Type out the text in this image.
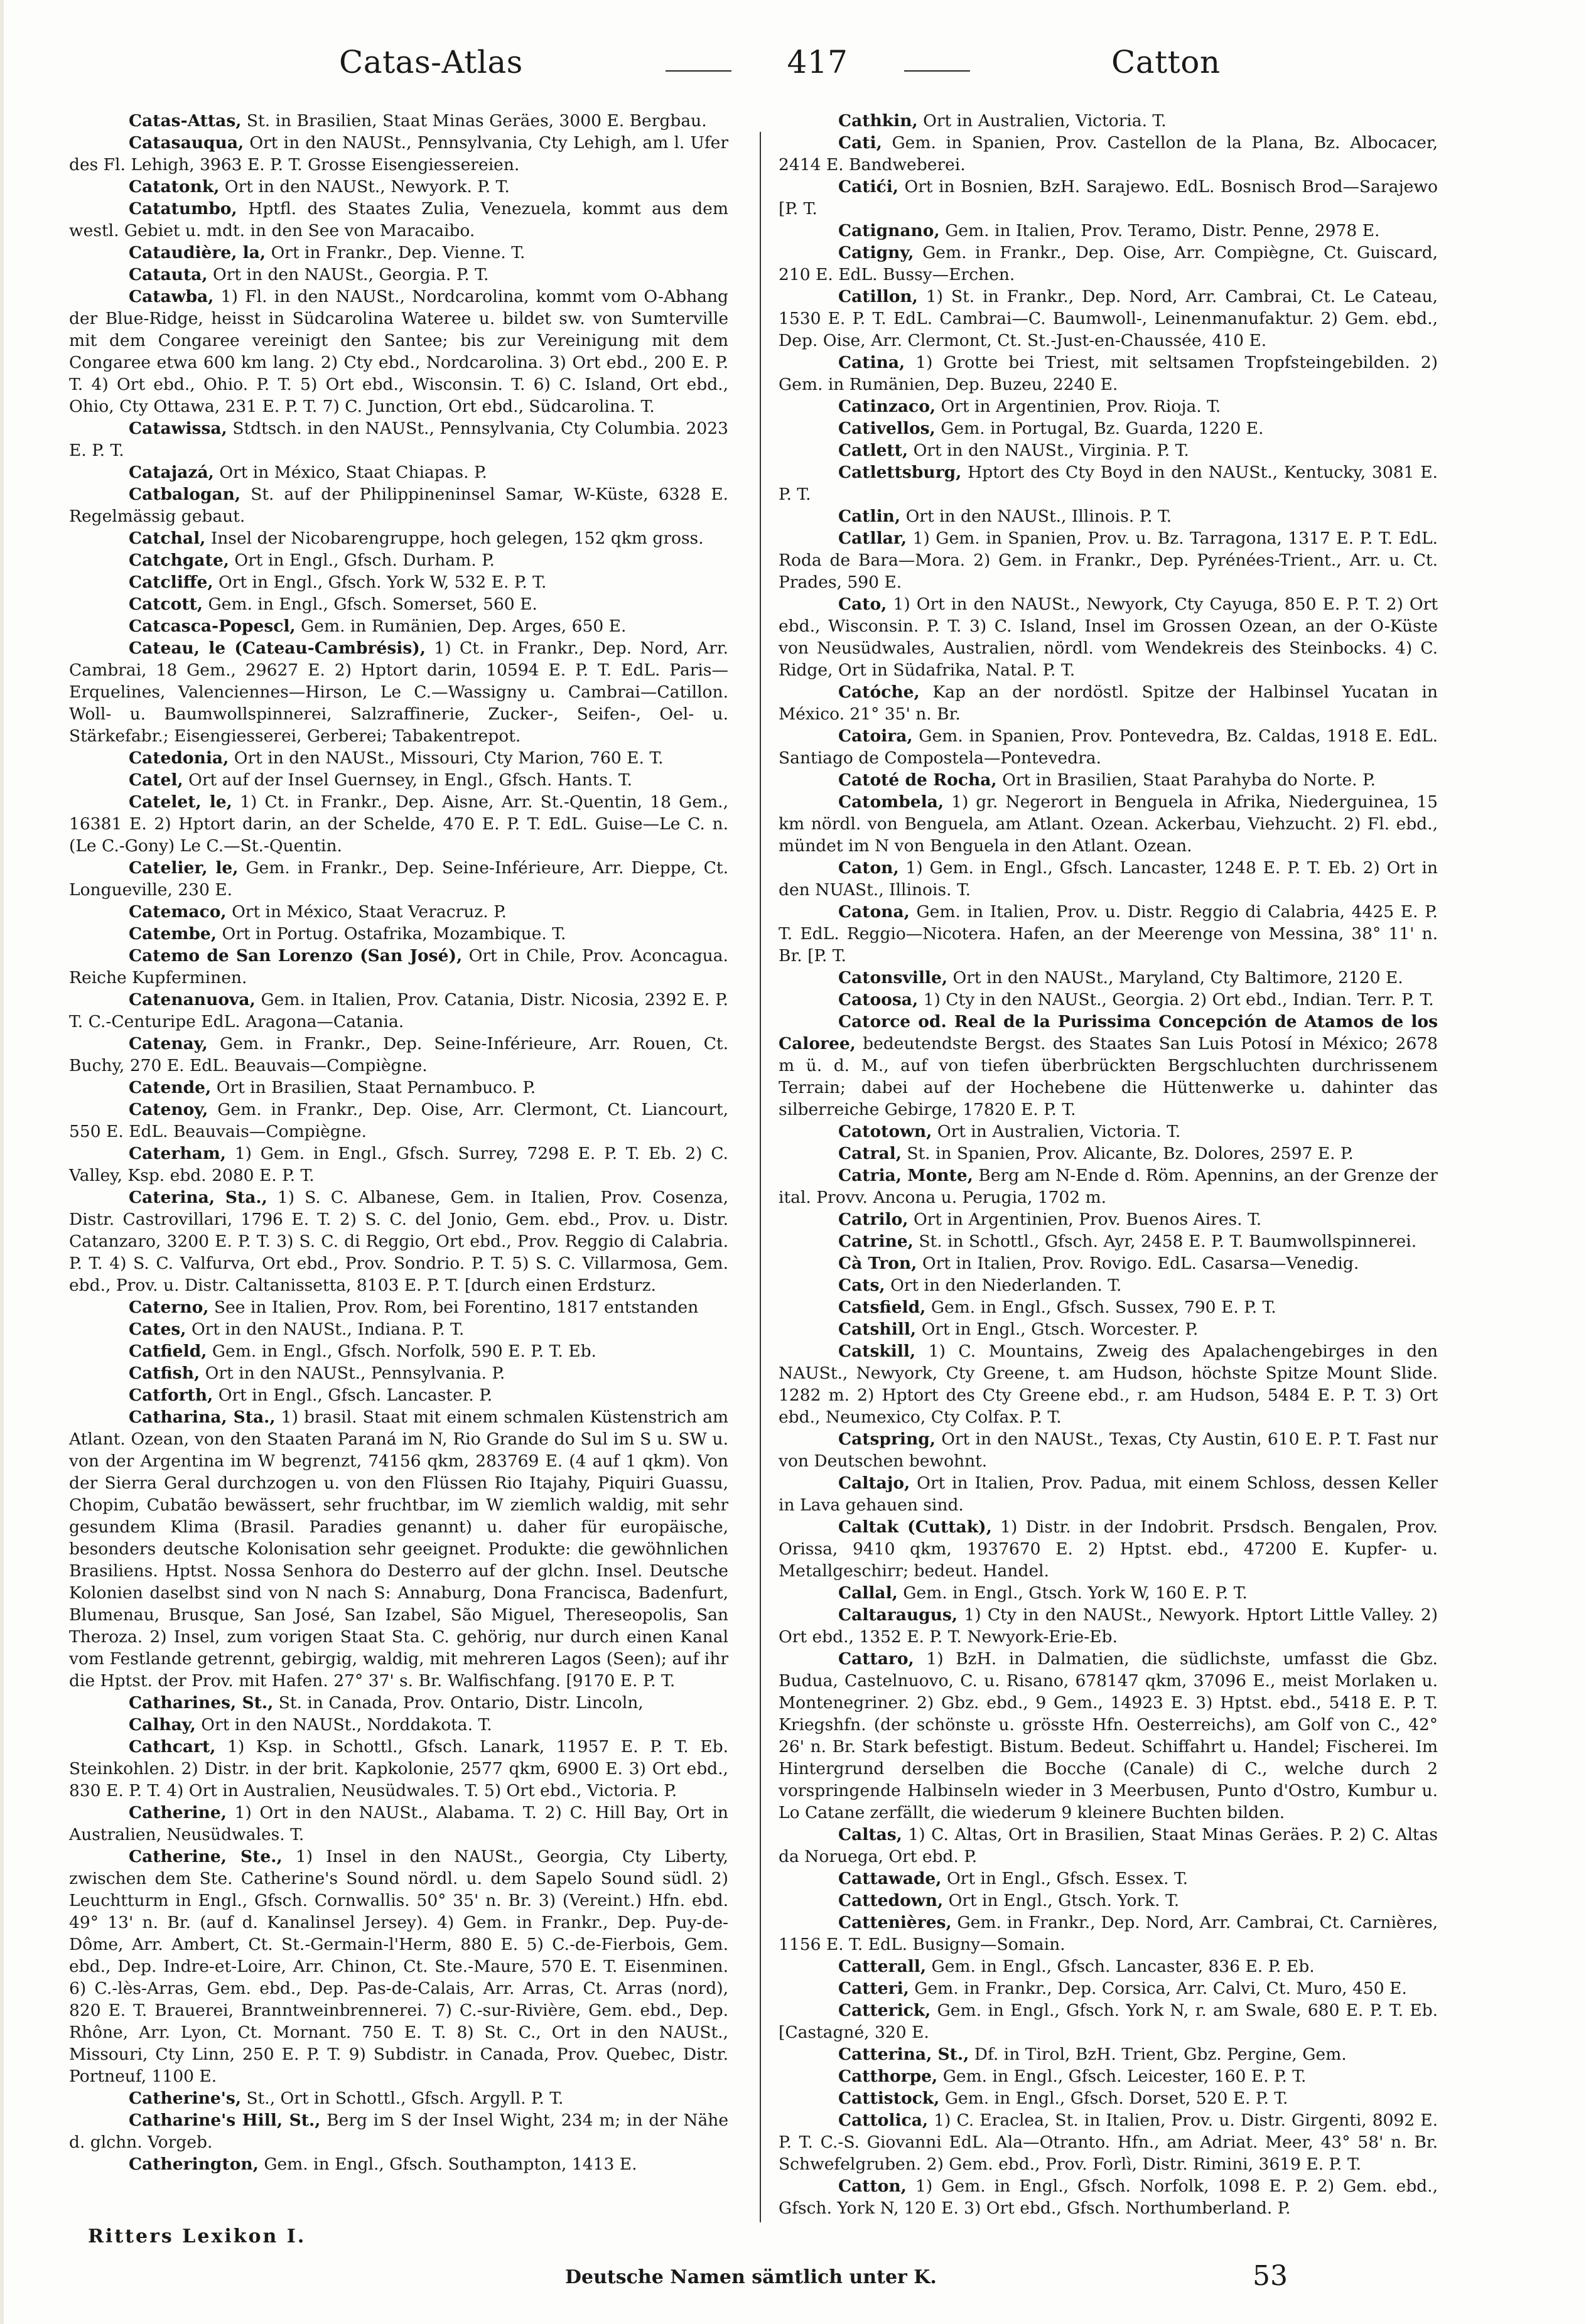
Catas-Atlas	417	Catton

Catas-Attas, St. in Brasilien, Staat Minas Geräes, 3000 E. Bergbau.

Catasauqua, Ort in den NAUSt., Pennsylvania, Cty Lehigh, am l. Ufer des Fl. Lehigh, 3963 E. P. T. Grosse Eisengiessereien.

Catatonk, Ort in den NAUSt., Newyork. P. T.

Catatumbo, Hptfl. des Staates Zulia, Venezuela, kommt aus dem westl. Gebiet u. mdt. in den See von Maracaibo.

Cataudière, la, Ort in Frankr., Dep. Vienne. T.

Catauta, Ort in den NAUSt., Georgia. P. T.

Catawba, 1) Fl. in den NAUSt., Nordcarolina, kommt vom O-Abhang der Blue-Ridge, heisst in Südcarolina Wateree u. bildet sw. von Sumterville mit dem Congaree vereinigt den Santee; bis zur Vereinigung mit dem Congaree etwa 600 km lang. 2) Cty ebd., Nordcarolina. 3) Ort ebd., 200 E. P. T. 4) Ort ebd., Ohio. P. T. 5) Ort ebd., Wisconsin. T. 6) C. Island, Ort ebd., Ohio, Cty Ottawa, 231 E. P. T. 7) C. Junction, Ort ebd., Südcarolina. T.

Catawissa, Stdtsch. in den NAUSt., Pennsylvania, Cty Columbia. 2023 E. P. T.

Catajazá, Ort in México, Staat Chiapas. P.

Catbalogan, St. auf der Philippineninsel Samar, W-Küste, 6328 E. Regelmässig gebaut.

Catchal, Insel der Nicobarengruppe, hoch gelegen, 152 qkm gross.

Catchgate, Ort in Engl., Gfsch. Durham. P.

Catcliffe, Ort in Engl., Gfsch. York W, 532 E. P. T.

Catcott, Gem. in Engl., Gfsch. Somerset, 560 E.

Catcasca-Popescl, Gem. in Rumänien, Dep. Arges, 650 E.

Cateau, le (Cateau-Cambrésis), 1) Ct. in Frankr., Dep. Nord, Arr. Cambrai, 18 Gem., 29627 E. 2) Hptort darin, 10594 E. P. T. EdL. Paris—Erquelines, Valenciennes—Hirson, Le C.—Wassigny u. Cambrai—Catillon. Woll- u. Baumwollspinnerei, Salzraffinerie, Zucker-, Seifen-, Oel- u. Stärkefabr.; Eisengiesserei, Gerberei; Tabakentrepot.

Catedonia, Ort in den NAUSt., Missouri, Cty Marion, 760 E. T.

Catel, Ort auf der Insel Guernsey, in Engl., Gfsch. Hants. T.

Catelet, le, 1) Ct. in Frankr., Dep. Aisne, Arr. St.-Quentin, 18 Gem., 16381 E. 2) Hptort darin, an der Schelde, 470 E. P. T. EdL. Guise—Le C. n. (Le C.-Gony) Le C.—St.-Quentin.

Catelier, le, Gem. in Frankr., Dep. Seine-Inférieure, Arr. Dieppe, Ct. Longueville, 230 E.

Catemaco, Ort in México, Staat Veracruz. P.

Catembe, Ort in Portug. Ostafrika, Mozambique. T.

Catemo de San Lorenzo (San José), Ort in Chile, Prov. Aconcagua. Reiche Kupferminen.

Catenanuova, Gem. in Italien, Prov. Catania, Distr. Nicosia, 2392 E. P. T. C.-Centuripe EdL. Aragona—Catania.

Catenay, Gem. in Frankr., Dep. Seine-Inférieure, Arr. Rouen, Ct. Buchy, 270 E. EdL. Beauvais—Compiègne.

Catende, Ort in Brasilien, Staat Pernambuco. P.

Catenoy, Gem. in Frankr., Dep. Oise, Arr. Clermont, Ct. Liancourt, 550 E. EdL. Beauvais—Compiègne.

Caterham, 1) Gem. in Engl., Gfsch. Surrey, 7298 E. P. T. Eb. 2) C. Valley, Ksp. ebd. 2080 E. P. T.

Caterina, Sta., 1) S. C. Albanese, Gem. in Italien, Prov. Cosenza, Distr. Castrovillari, 1796 E. T. 2) S. C. del Jonio, Gem. ebd., Prov. u. Distr. Catanzaro, 3200 E. P. T. 3) S. C. di Reggio, Ort ebd., Prov. Reggio di Calabria. P. T. 4) S. C. Valfurva, Ort ebd., Prov. Sondrio. P. T. 5) S. C. Villarmosa, Gem. ebd., Prov. u. Distr. Caltanissetta, 8103 E. P. T. [durch einen Erdsturz.

Caterno, See in Italien, Prov. Rom, bei Forentino, 1817 entstanden

Cates, Ort in den NAUSt., Indiana. P. T.

Catfield, Gem. in Engl., Gfsch. Norfolk, 590 E. P. T. Eb.

Catfish, Ort in den NAUSt., Pennsylvania. P.

Catforth, Ort in Engl., Gfsch. Lancaster. P.

Catharina, Sta., 1) brasil. Staat mit einem schmalen Küstenstrich am Atlant. Ozean, von den Staaten Paraná im N, Rio Grande do Sul im S u. SW u. von der Argentina im W begrenzt, 74156 qkm, 283769 E. (4 auf 1 qkm). Von der Sierra Geral durchzogen u. von den Flüssen Rio Itajahy, Piquiri Guassu, Chopim, Cubatão bewässert, sehr fruchtbar, im W ziemlich waldig, mit sehr gesundem Klima (Brasil. Paradies genannt) u. daher für europäische, besonders deutsche Kolonisation sehr geeignet. Produkte: die gewöhnlichen Brasiliens. Hptst. Nossa Senhora do Desterro auf der glchn. Insel. Deutsche Kolonien daselbst sind von N nach S: Annaburg, Dona Francisca, Badenfurt, Blumenau, Brusque, San José, San Izabel, São Miguel, Thereseopolis, San Theroza. 2) Insel, zum vorigen Staat Sta. C. gehörig, nur durch einen Kanal vom Festlande getrennt, gebirgig, waldig, mit mehreren Lagos (Seen); auf ihr die Hptst. der Prov. mit Hafen. 27° 37' s. Br. Walfischfang. [9170 E. P. T.

Catharines, St., St. in Canada, Prov. Ontario, Distr. Lincoln,

Calhay, Ort in den NAUSt., Norddakota. T.

Cathcart, 1) Ksp. in Schottl., Gfsch. Lanark, 11957 E. P. T. Eb. Steinkohlen. 2) Distr. in der brit. Kapkolonie, 2577 qkm, 6900 E. 3) Ort ebd., 830 E. P. T. 4) Ort in Australien, Neusüdwales. T. 5) Ort ebd., Victoria. P.

Catherine, 1) Ort in den NAUSt., Alabama. T. 2) C. Hill Bay, Ort in Australien, Neusüdwales. T.

Catherine, Ste., 1) Insel in den NAUSt., Georgia, Cty Liberty, zwischen dem Ste. Catherine's Sound nördl. u. dem Sapelo Sound südl. 2) Leuchtturm in Engl., Gfsch. Cornwallis. 50° 35' n. Br. 3) (Vereint.) Hfn. ebd. 49° 13' n. Br. (auf d. Kanalinsel Jersey). 4) Gem. in Frankr., Dep. Puy-de-Dôme, Arr. Ambert, Ct. St.-Germain-l'Herm, 880 E. 5) C.-de-Fierbois, Gem. ebd., Dep. Indre-et-Loire, Arr. Chinon, Ct. Ste.-Maure, 570 E. T. Eisenminen. 6) C.-lès-Arras, Gem. ebd., Dep. Pas-de-Calais, Arr. Arras, Ct. Arras (nord), 820 E. T. Brauerei, Branntweinbrennerei. 7) C.-sur-Rivière, Gem. ebd., Dep. Rhône, Arr. Lyon, Ct. Mornant. 750 E. T. 8) St. C., Ort in den NAUSt., Missouri, Cty Linn, 250 E. P. T. 9) Subdistr. in Canada, Prov. Quebec, Distr. Portneuf, 1100 E.

Catherine's, St., Ort in Schottl., Gfsch. Argyll. P. T.

Catharine's Hill, St., Berg im S der Insel Wight, 234 m; in der Nähe d. glchn. Vorgeb.

Catherington, Gem. in Engl., Gfsch. Southampton, 1413 E.

Cathkin, Ort in Australien, Victoria. T.

Cati, Gem. in Spanien, Prov. Castellon de la Plana, Bz. Albocacer, 2414 E. Bandweberei.

Catići, Ort in Bosnien, BzH. Sarajewo. EdL. Bosnisch Brod—Sarajewo [P. T.

Catignano, Gem. in Italien, Prov. Teramo, Distr. Penne, 2978 E.

Catigny, Gem. in Frankr., Dep. Oise, Arr. Compiègne, Ct. Guiscard, 210 E. EdL. Bussy—Erchen.

Catillon, 1) St. in Frankr., Dep. Nord, Arr. Cambrai, Ct. Le Cateau, 1530 E. P. T. EdL. Cambrai—C. Baumwoll-, Leinenmanufaktur. 2) Gem. ebd., Dep. Oise, Arr. Clermont, Ct. St.-Just-en-Chaussée, 410 E.

Catina, 1) Grotte bei Triest, mit seltsamen Tropfsteingebilden. 2) Gem. in Rumänien, Dep. Buzeu, 2240 E.

Catinzaco, Ort in Argentinien, Prov. Rioja. T.

Cativellos, Gem. in Portugal, Bz. Guarda, 1220 E.

Catlett, Ort in den NAUSt., Virginia. P. T.

Catlettsburg, Hptort des Cty Boyd in den NAUSt., Kentucky, 3081 E. P. T.

Catlin, Ort in den NAUSt., Illinois. P. T.

Catllar, 1) Gem. in Spanien, Prov. u. Bz. Tarragona, 1317 E. P. T. EdL. Roda de Bara—Mora. 2) Gem. in Frankr., Dep. Pyrénées-Trient., Arr. u. Ct. Prades, 590 E.

Cato, 1) Ort in den NAUSt., Newyork, Cty Cayuga, 850 E. P. T. 2) Ort ebd., Wisconsin. P. T. 3) C. Island, Insel im Grossen Ozean, an der O-Küste von Neusüdwales, Australien, nördl. vom Wendekreis des Steinbocks. 4) C. Ridge, Ort in Südafrika, Natal. P. T.

Catóche, Kap an der nordöstl. Spitze der Halbinsel Yucatan in México. 21° 35' n. Br.

Catoira, Gem. in Spanien, Prov. Pontevedra, Bz. Caldas, 1918 E. EdL. Santiago de Compostela—Pontevedra.

Catoté de Rocha, Ort in Brasilien, Staat Parahyba do Norte. P.

Catombela, 1) gr. Negerort in Benguela in Afrika, Niederguinea, 15 km nördl. von Benguela, am Atlant. Ozean. Ackerbau, Viehzucht. 2) Fl. ebd., mündet im N von Benguela in den Atlant. Ozean.

Caton, 1) Gem. in Engl., Gfsch. Lancaster, 1248 E. P. T. Eb. 2) Ort in den NUASt., Illinois. T.

Catona, Gem. in Italien, Prov. u. Distr. Reggio di Calabria, 4425 E. P. T. EdL. Reggio—Nicotera. Hafen, an der Meerenge von Messina, 38° 11' n. Br. [P. T.

Catonsville, Ort in den NAUSt., Maryland, Cty Baltimore, 2120 E.

Catoosa, 1) Cty in den NAUSt., Georgia. 2) Ort ebd., Indian. Terr. P. T.

Catorce od. Real de la Purissima Concepción de Atamos de los Caloree, bedeutendste Bergst. des Staates San Luis Potosí in México; 2678 m ü. d. M., auf von tiefen überbrückten Bergschluchten durchrissenem Terrain; dabei auf der Hochebene die Hüttenwerke u. dahinter das silberreiche Gebirge, 17820 E. P. T.

Catotown, Ort in Australien, Victoria. T.

Catral, St. in Spanien, Prov. Alicante, Bz. Dolores, 2597 E. P.

Catria, Monte, Berg am N-Ende d. Röm. Apennins, an der Grenze der ital. Provv. Ancona u. Perugia, 1702 m.

Catrilo, Ort in Argentinien, Prov. Buenos Aires. T.

Catrine, St. in Schottl., Gfsch. Ayr, 2458 E. P. T. Baumwollspinnerei.

Cà Tron, Ort in Italien, Prov. Rovigo. EdL. Casarsa—Venedig.

Cats, Ort in den Niederlanden. T.

Catsfield, Gem. in Engl., Gfsch. Sussex, 790 E. P. T.

Catshill, Ort in Engl., Gtsch. Worcester. P.

Catskill, 1) C. Mountains, Zweig des Apalachengebirges in den NAUSt., Newyork, Cty Greene, t. am Hudson, höchste Spitze Mount Slide. 1282 m. 2) Hptort des Cty Greene ebd., r. am Hudson, 5484 E. P. T. 3) Ort ebd., Neumexico, Cty Colfax. P. T.

Catspring, Ort in den NAUSt., Texas, Cty Austin, 610 E. P. T. Fast nur von Deutschen bewohnt.

Caltajo, Ort in Italien, Prov. Padua, mit einem Schloss, dessen Keller in Lava gehauen sind.

Caltak (Cuttak), 1) Distr. in der Indobrit. Prsdsch. Bengalen, Prov. Orissa, 9410 qkm, 1937670 E. 2) Hptst. ebd., 47200 E. Kupfer- u. Metallgeschirr; bedeut. Handel.

Callal, Gem. in Engl., Gtsch. York W, 160 E. P. T.

Caltaraugus, 1) Cty in den NAUSt., Newyork. Hptort Little Valley. 2) Ort ebd., 1352 E. P. T. Newyork-Erie-Eb.

Cattaro, 1) BzH. in Dalmatien, die südlichste, umfasst die Gbz. Budua, Castelnuovo, C. u. Risano, 678147 qkm, 37096 E., meist Morlaken u. Montenegriner. 2) Gbz. ebd., 9 Gem., 14923 E. 3) Hptst. ebd., 5418 E. P. T. Kriegshfn. (der schönste u. grösste Hfn. Oesterreichs), am Golf von C., 42° 26' n. Br. Stark befestigt. Bistum. Bedeut. Schiffahrt u. Handel; Fischerei. Im Hintergrund derselben die Bocche (Canale) di C., welche durch 2 vorspringende Halbinseln wieder in 3 Meerbusen, Punto d'Ostro, Kumbur u. Lo Catane zerfällt, die wiederum 9 kleinere Buchten bilden.

Caltas, 1) C. Altas, Ort in Brasilien, Staat Minas Geräes. P. 2) C. Altas da Noruega, Ort ebd. P.

Cattawade, Ort in Engl., Gfsch. Essex. T.

Cattedown, Ort in Engl., Gtsch. York. T.

Cattenières, Gem. in Frankr., Dep. Nord, Arr. Cambrai, Ct. Carnières, 1156 E. T. EdL. Busigny—Somain.

Catterall, Gem. in Engl., Gfsch. Lancaster, 836 E. P. Eb.

Catteri, Gem. in Frankr., Dep. Corsica, Arr. Calvi, Ct. Muro, 450 E.

Catterick, Gem. in Engl., Gfsch. York N, r. am Swale, 680 E. P. T. Eb. [Castagné, 320 E.

Catterina, St., Df. in Tirol, BzH. Trient, Gbz. Pergine, Gem.

Catthorpe, Gem. in Engl., Gfsch. Leicester, 160 E. P. T.

Cattistock, Gem. in Engl., Gfsch. Dorset, 520 E. P. T.

Cattolica, 1) C. Eraclea, St. in Italien, Prov. u. Distr. Girgenti, 8092 E. P. T. C.-S. Giovanni EdL. Ala—Otranto. Hfn., am Adriat. Meer, 43° 58' n. Br. Schwefelgruben. 2) Gem. ebd., Prov. Forlì, Distr. Rimini, 3619 E. P. T.

Catton, 1) Gem. in Engl., Gfsch. Norfolk, 1098 E. P. 2) Gem. ebd., Gfsch. York N, 120 E. 3) Ort ebd., Gfsch. Northumberland. P.

Ritters Lexikon I.
Deutsche Namen sämtlich unter K.	53
